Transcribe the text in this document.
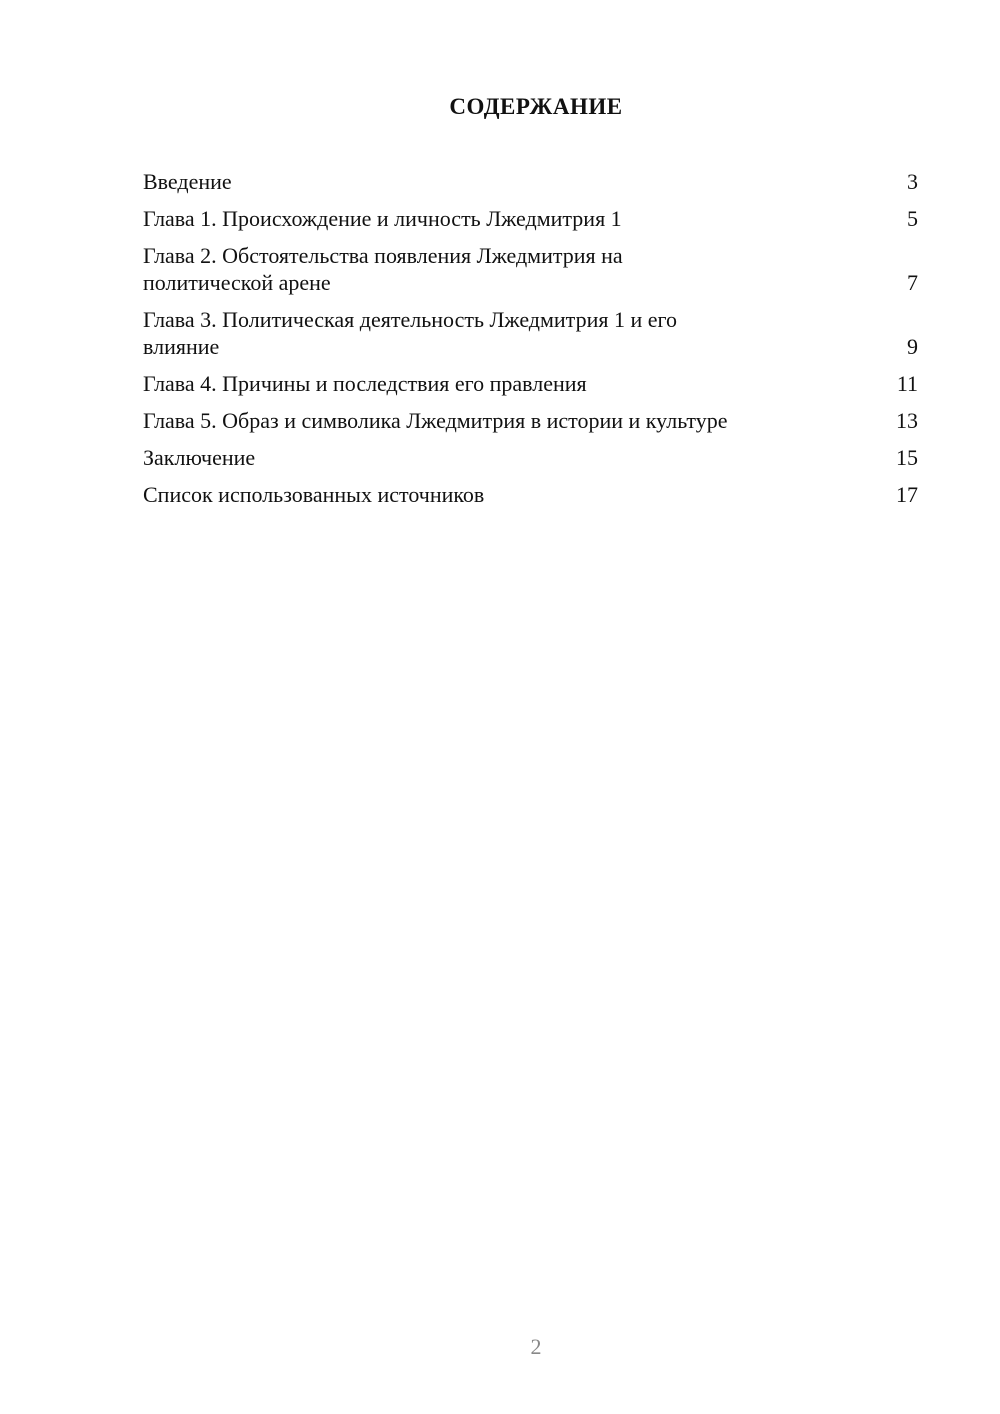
СОДЕРЖАНИЕ
Введение	3
Глава 1. Происхождение и личность Лжедмитрия 1	5
Глава 2. Обстоятельства появления Лжедмитрия на политической арене	7
Глава 3. Политическая деятельность Лжедмитрия 1 и его влияние	9
Глава 4. Причины и последствия его правления	11
Глава 5. Образ и символика Лжедмитрия в истории и культуре	13
Заключение	15
Список использованных источников	17
2
